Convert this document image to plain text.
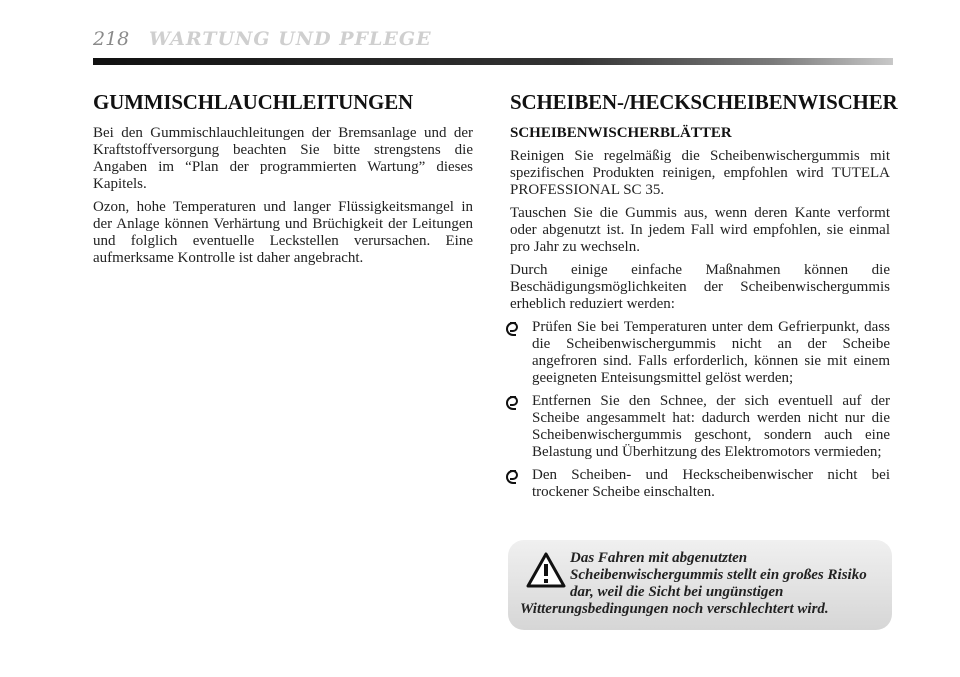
218 WARTUNG UND PFLEGE
GUMMISCHLAUCHLEITUNGEN

Bei den Gummischlauchleitungen der Bremsanlage und der Kraftstoffversorgung beachten Sie bitte strengstens die Angaben im “Plan der programmierten Wartung” dieses Kapitels.

Ozon, hohe Temperaturen und langer Flüssigkeitsmangel in der Anlage können Verhärtung und Brüchigkeit der Leitungen und folglich eventuelle Leckstellen verursachen. Eine aufmerksame Kontrolle ist daher angebracht.

SCHEIBEN-/HECKSCHEIBENWISCHER
SCHEIBENWISCHERBLÄTTER

Reinigen Sie regelmäßig die Scheibenwischergummis mit spezifischen Produkten reinigen, empfohlen wird TUTELA PROFESSIONAL SC 35.

Tauschen Sie die Gummis aus, wenn deren Kante verformt oder abgenutzt ist. In jedem Fall wird empfohlen, sie einmal pro Jahr zu wechseln.

Durch einige einfache Maßnahmen können die Beschädigungsmöglichkeiten der Scheibenwischergummis erheblich reduziert werden:

Prüfen Sie bei Temperaturen unter dem Gefrierpunkt, dass die Scheibenwischergummis nicht an der Scheibe angefroren sind. Falls erforderlich, können sie mit einem geeigneten Enteisungsmittel gelöst werden;
Entfernen Sie den Schnee, der sich eventuell auf der Scheibe angesammelt hat: dadurch werden nicht nur die Scheibenwischergummis geschont, sondern auch eine Belastung und Überhitzung des Elektromotors vermieden;
Den Scheiben- und Heckscheibenwischer nicht bei trockener Scheibe einschalten.
Das Fahren mit abgenutzten Scheibenwischergummis stellt ein großes Risiko dar, weil die Sicht bei ungünstigen Witterungsbedingungen noch verschlechtert wird.
